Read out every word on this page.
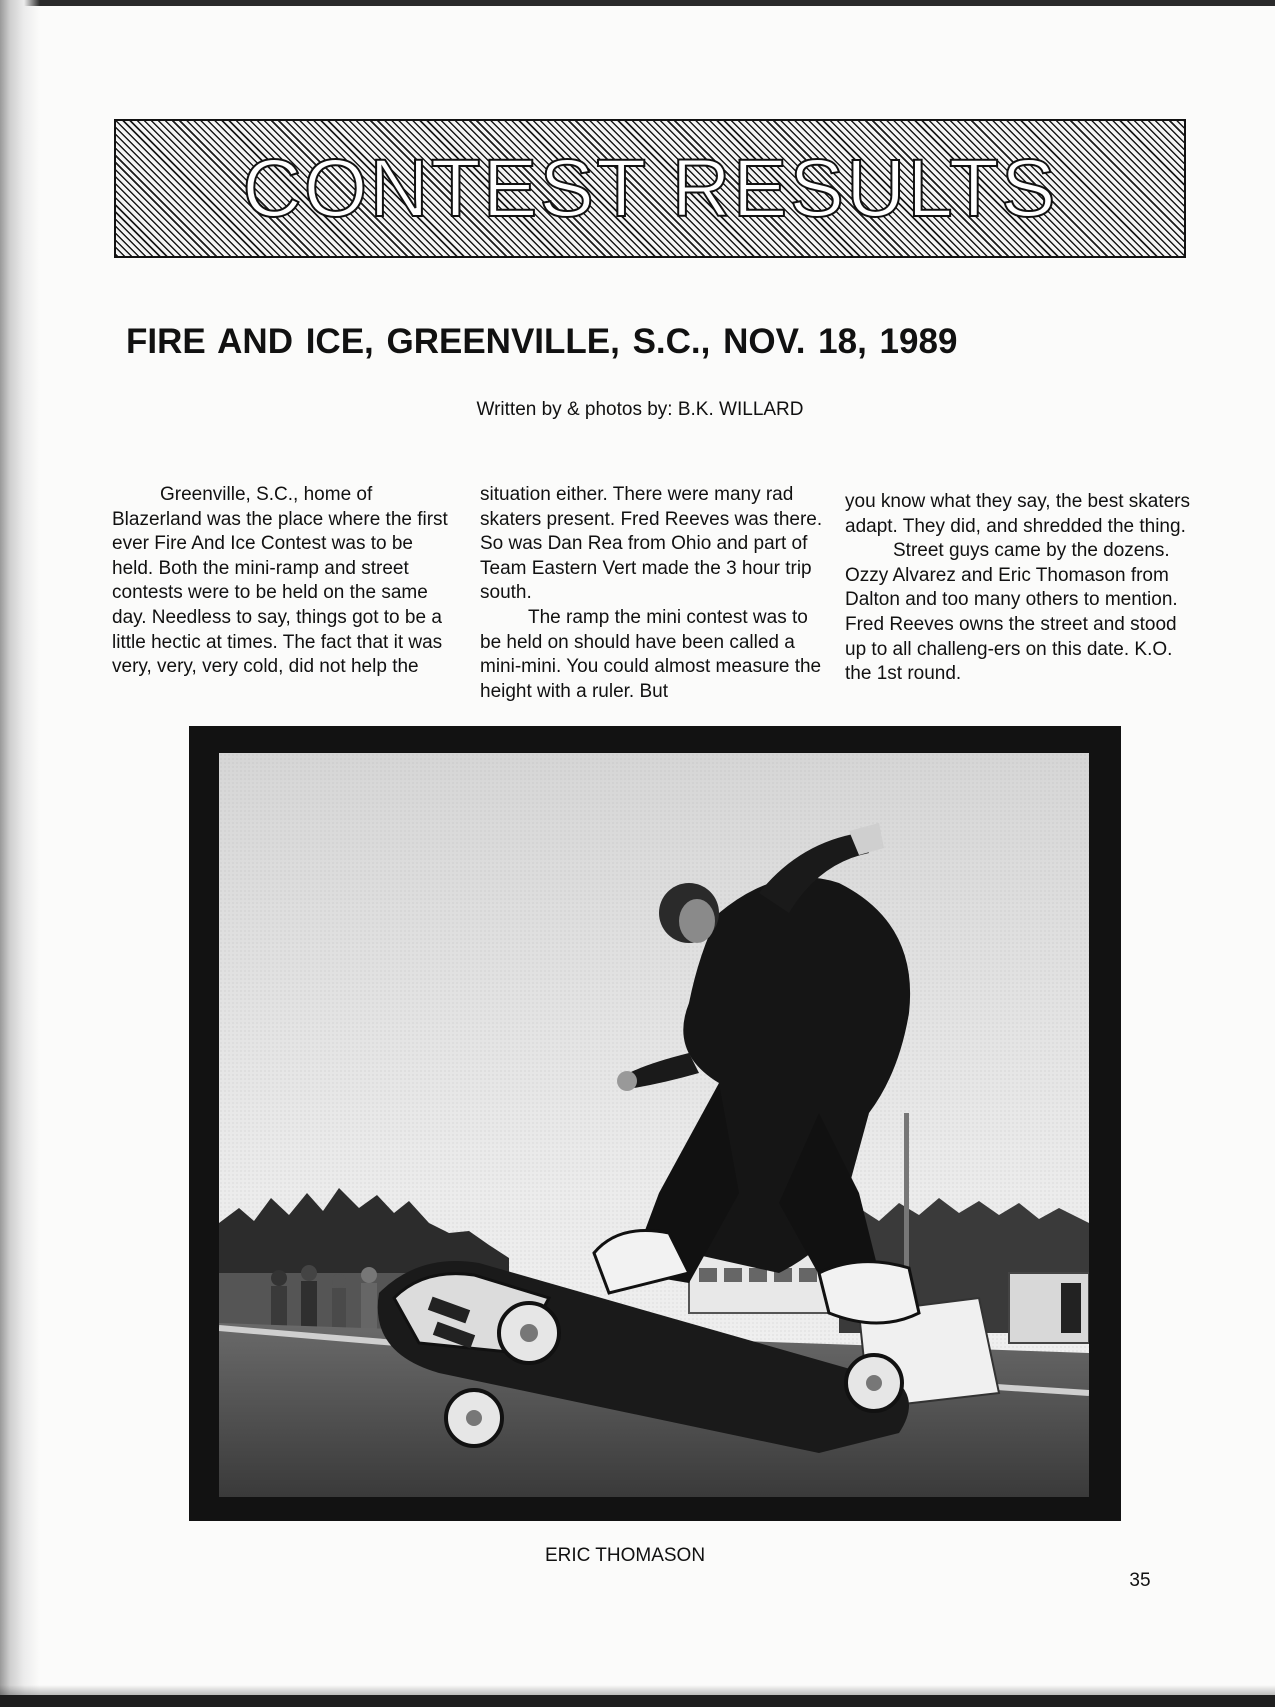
CONTEST RESULTS
FIRE AND ICE, GREENVILLE, S.C., NOV. 18, 1989
Written by & photos by: B.K. WILLARD

Greenville, S.C., home of Blazerland was the place where the first ever Fire And Ice Contest was to be held. Both the mini-ramp and street contests were to be held on the same day. Needless to say, things got to be a little hectic at times. The fact that it was very, very, very cold, did not help the

situation either. There were many rad skaters present. Fred Reeves was there. So was Dan Rea from Ohio and part of Team Eastern Vert made the 3 hour trip south.

The ramp the mini contest was to be held on should have been called a mini-mini. You could almost measure the height with a ruler. But

you know what they say, the best skaters adapt. They did, and shredded the thing.

Street guys came by the dozens. Ozzy Alvarez and Eric Thomason from Dalton and too many others to mention. Fred Reeves owns the street and stood up to all challeng-ers on this date. K.O. the 1st round.

ERIC THOMASON
35
